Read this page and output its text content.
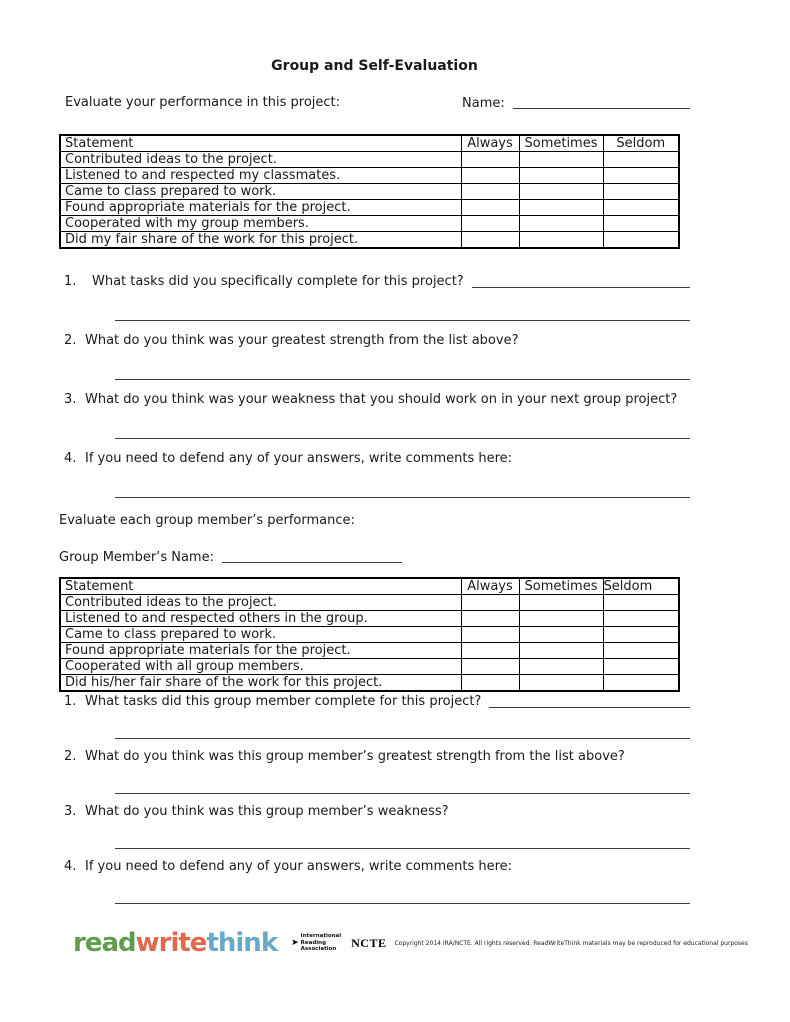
Group and Self-Evaluation
Evaluate your performance in this project:	Name:
Statement	Always	Sometimes	Seldom
Contributed ideas to the project.			
Listened to and respected my classmates.			
Came to class prepared to work.			
Found appropriate materials for the project.			
Cooperated with my group members.			
Did my fair share of the work for this project.			
1.	What tasks did you specifically complete for this project?
2. What do you think was your greatest strength from the list above?
3. What do you think was your weakness that you should work on in your next group project?
4. If you need to defend any of your answers, write comments here:
Evaluate each group member’s performance:
Group Member’s Name:
Statement	Always	Sometimes	Seldom
Contributed ideas to the project.			
Listened to and respected others in the group.			
Came to class prepared to work.			
Found appropriate materials for the project.			
Cooperated with all group members.			
Did his/her fair share of the work for this project.			
1. What tasks did this group member complete for this project?
2. What do you think was this group member’s greatest strength from the list above?
3. What do you think was this group member’s weakness?
4. If you need to defend any of your answers, write comments here:
readwritethink ➤
International
Reading Association	NCTE Copyright 2014 IRA/NCTE. All rights reserved. ReadWriteThink materials may be reproduced for educational purposes
